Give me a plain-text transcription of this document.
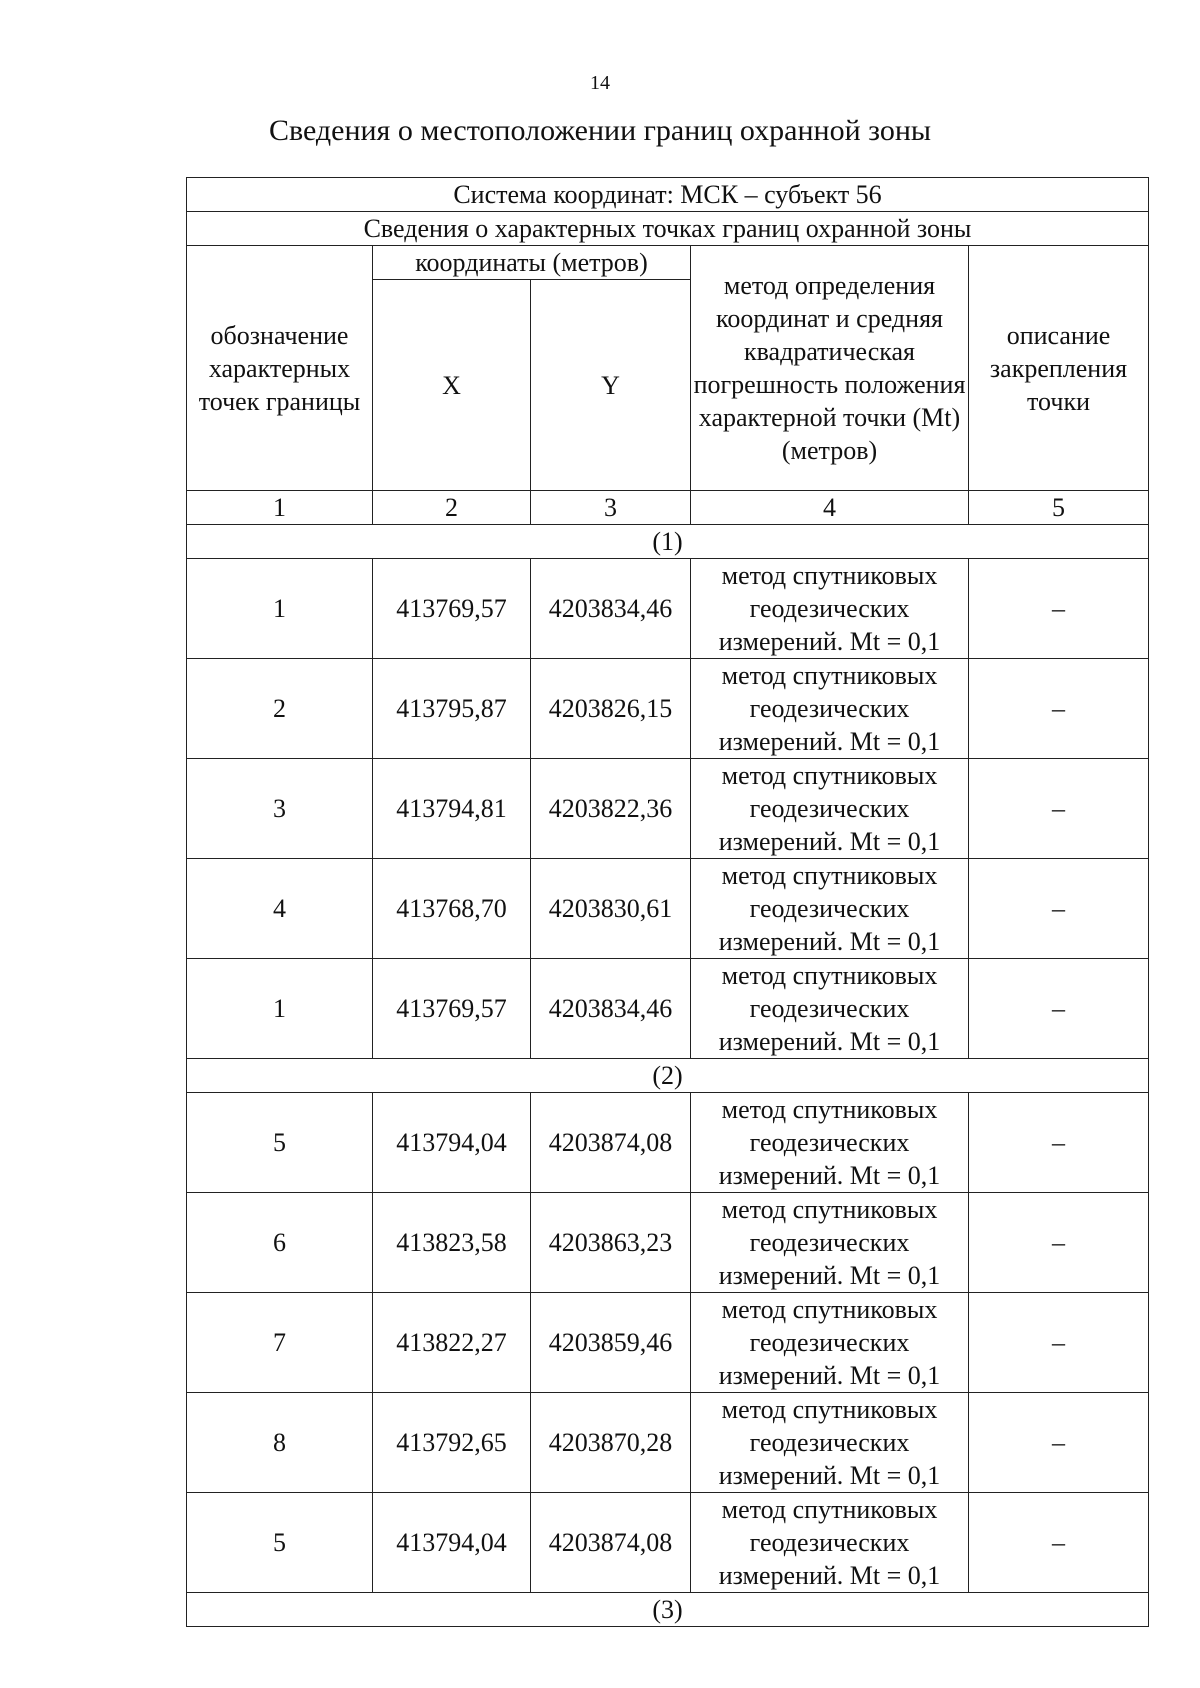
14
Сведения о местоположении границ охранной зоны
Система координат: МСК – субъект 56				
Сведения о характерных точках границ охранной зоны				
обозначение характерных точек границы	координаты (метров)		метод определения координат и средняя квадратическая погрешность положения характерной точки (Mt) (метров)	описание закрепления точки
	X	Y		
1	2	3	4	5
(1)				
1	413769,57	4203834,46	метод спутниковых геодезических измерений. Mt = 0,1	–
2	413795,87	4203826,15	метод спутниковых геодезических измерений. Mt = 0,1	–
3	413794,81	4203822,36	метод спутниковых геодезических измерений. Mt = 0,1	–
4	413768,70	4203830,61	метод спутниковых геодезических измерений. Mt = 0,1	–
1	413769,57	4203834,46	метод спутниковых геодезических измерений. Mt = 0,1	–
(2)				
5	413794,04	4203874,08	метод спутниковых геодезических измерений. Mt = 0,1	–
6	413823,58	4203863,23	метод спутниковых геодезических измерений. Mt = 0,1	–
7	413822,27	4203859,46	метод спутниковых геодезических измерений. Mt = 0,1	–
8	413792,65	4203870,28	метод спутниковых геодезических измерений. Mt = 0,1	–
5	413794,04	4203874,08	метод спутниковых геодезических измерений. Mt = 0,1	–
(3)				
